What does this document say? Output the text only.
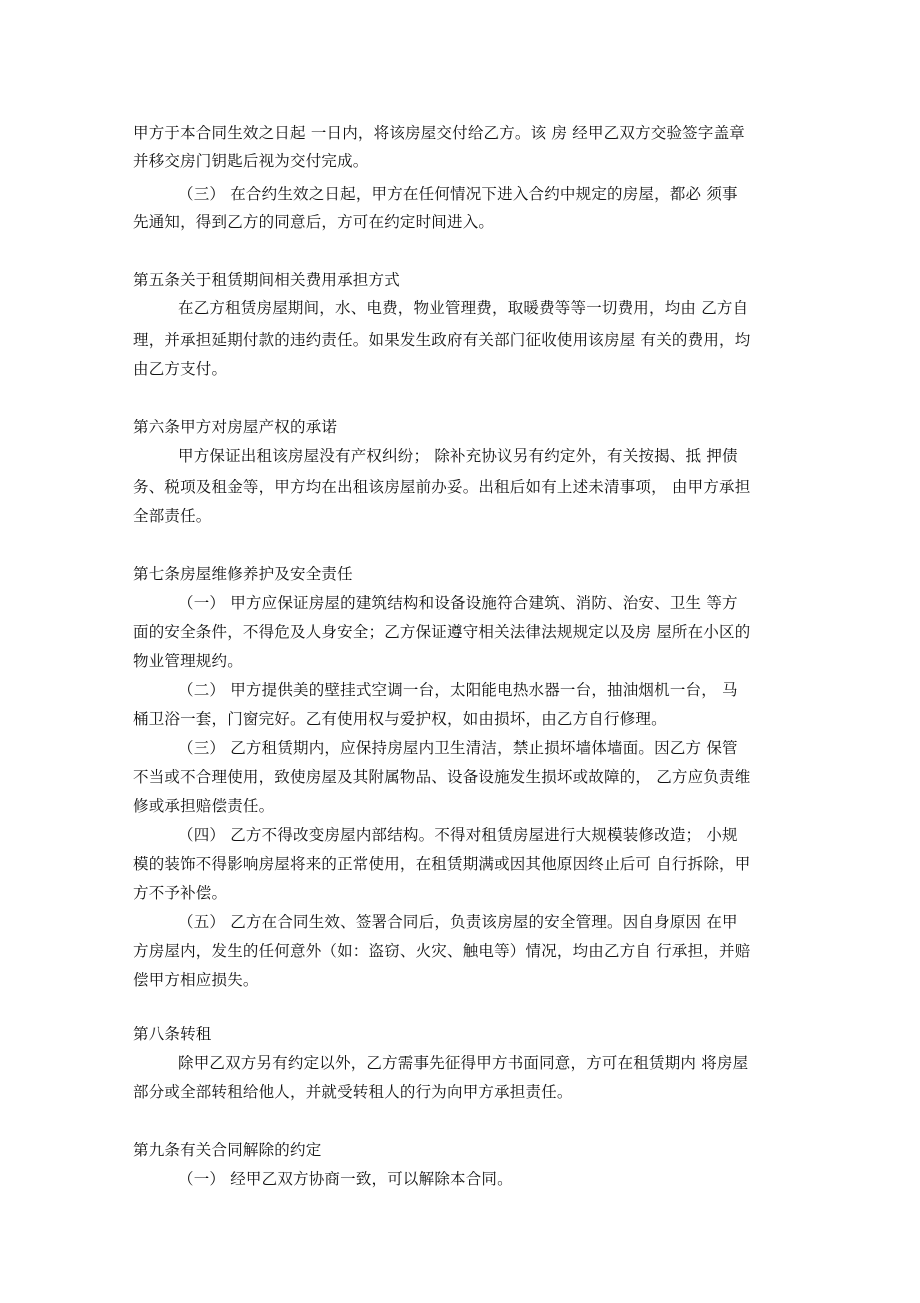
甲方于本合同生效之日起 一日内，将该房屋交付给乙方。该 房 经甲乙双方交验签字盖章
并移交房门钥匙后视为交付完成。
（三） 在合约生效之日起，甲方在任何情况下进入合约中规定的房屋，都必 须事
先通知，得到乙方的同意后，方可在约定时间进入。
第五条关于租赁期间相关费用承担方式
在乙方租赁房屋期间，水、电费，物业管理费，取暖费等等一切费用，均由 乙方自
理，并承担延期付款的违约责任。如果发生政府有关部门征收使用该房屋 有关的费用，均
由乙方支付。
第六条甲方对房屋产权的承诺
甲方保证出租该房屋没有产权纠纷； 除补充协议另有约定外，有关按揭、抵 押债
务、税项及租金等，甲方均在出租该房屋前办妥。出租后如有上述未清事项， 由甲方承担
全部责任。
第七条房屋维修养护及安全责任
（一） 甲方应保证房屋的建筑结构和设备设施符合建筑、消防、治安、卫生 等方
面的安全条件，不得危及人身安全；乙方保证遵守相关法律法规规定以及房 屋所在小区的
物业管理规约。
（二） 甲方提供美的壁挂式空调一台，太阳能电热水器一台，抽油烟机一台， 马
桶卫浴一套，门窗完好。乙有使用权与爱护权，如由损坏，由乙方自行修理。
（三） 乙方租赁期内，应保持房屋内卫生清洁，禁止损坏墙体墙面。因乙方 保管
不当或不合理使用，致使房屋及其附属物品、设备设施发生损坏或故障的， 乙方应负责维
修或承担赔偿责任。
（四） 乙方不得改变房屋内部结构。不得对租赁房屋进行大规模装修改造； 小规
模的装饰不得影响房屋将来的正常使用，在租赁期满或因其他原因终止后可 自行拆除，甲
方不予补偿。
（五） 乙方在合同生效、签署合同后，负责该房屋的安全管理。因自身原因 在甲
方房屋内，发生的任何意外（如：盗窃、火灾、触电等）情况，均由乙方自 行承担，并赔
偿甲方相应损失。
第八条转租
除甲乙双方另有约定以外，乙方需事先征得甲方书面同意，方可在租赁期内 将房屋
部分或全部转租给他人，并就受转租人的行为向甲方承担责任。
第九条有关合同解除的约定
（一） 经甲乙双方协商一致，可以解除本合同。
